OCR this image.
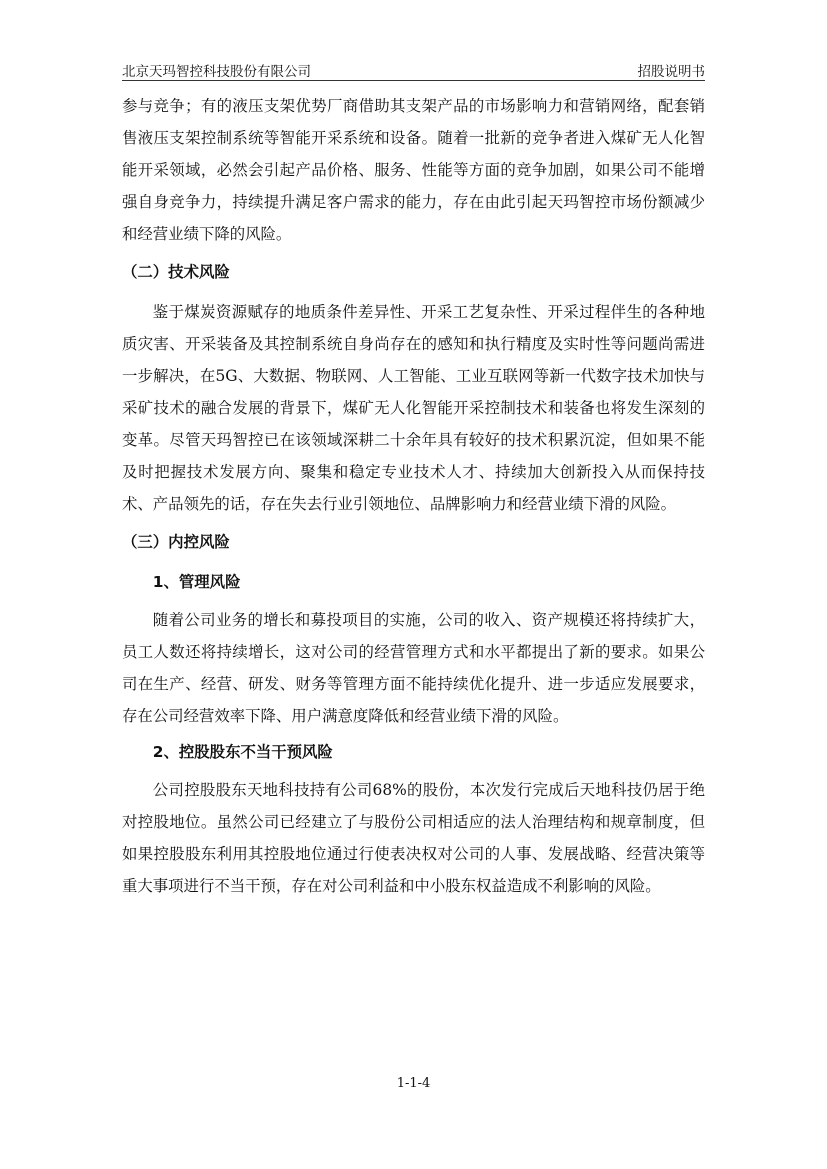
北京天玛智控科技股份有限公司	招股说明书

参与竞争；有的液压支架优势厂商借助其支架产品的市场影响力和营销网络，配套销售液压支架控制系统等智能开采系统和设备。随着一批新的竞争者进入煤矿无人化智能开采领域，必然会引起产品价格、服务、性能等方面的竞争加剧，如果公司不能增强自身竞争力，持续提升满足客户需求的能力，存在由此引起天玛智控市场份额减少和经营业绩下降的风险。

（二）技术风险

鉴于煤炭资源赋存的地质条件差异性、开采工艺复杂性、开采过程伴生的各种地质灾害、开采装备及其控制系统自身尚存在的感知和执行精度及实时性等问题尚需进一步解决，在5G、大数据、物联网、人工智能、工业互联网等新一代数字技术加快与采矿技术的融合发展的背景下，煤矿无人化智能开采控制技术和装备也将发生深刻的变革。尽管天玛智控已在该领域深耕二十余年具有较好的技术积累沉淀，但如果不能及时把握技术发展方向、聚集和稳定专业技术人才、持续加大创新投入从而保持技术、产品领先的话，存在失去行业引领地位、品牌影响力和经营业绩下滑的风险。

（三）内控风险
1、管理风险

随着公司业务的增长和募投项目的实施，公司的收入、资产规模还将持续扩大，员工人数还将持续增长，这对公司的经营管理方式和水平都提出了新的要求。如果公司在生产、经营、研发、财务等管理方面不能持续优化提升、进一步适应发展要求，存在公司经营效率下降、用户满意度降低和经营业绩下滑的风险。

2、控股股东不当干预风险

公司控股股东天地科技持有公司68%的股份，本次发行完成后天地科技仍居于绝对控股地位。虽然公司已经建立了与股份公司相适应的法人治理结构和规章制度，但如果控股股东利用其控股地位通过行使表决权对公司的人事、发展战略、经营决策等重大事项进行不当干预，存在对公司利益和中小股东权益造成不利影响的风险。

1-1-4
